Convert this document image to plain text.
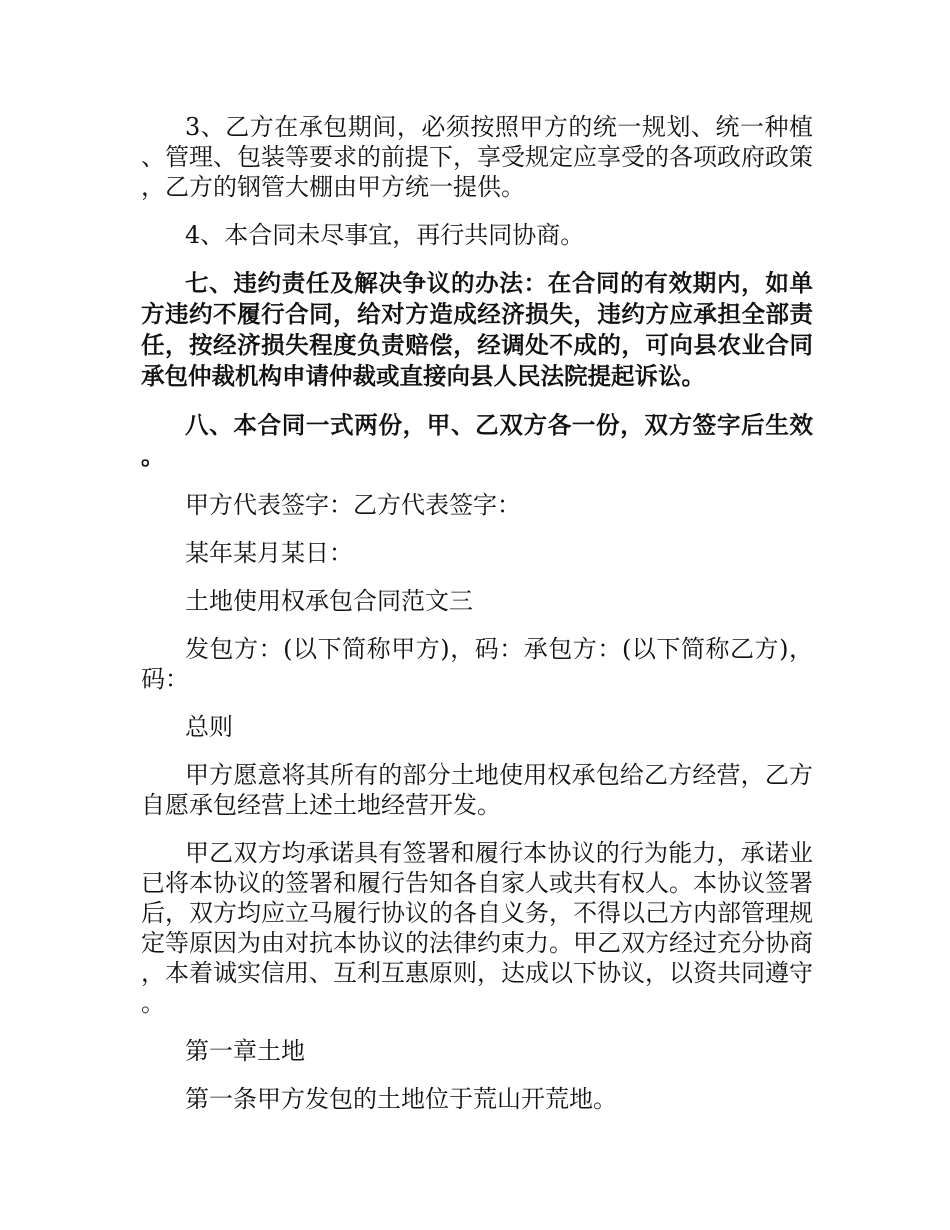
3、乙方在承包期间，必须按照甲方的统一规划、统一种植、管理、包装等要求的前提下，享受规定应享受的各项政府政策，乙方的钢管大棚由甲方统一提供。

4、本合同未尽事宜，再行共同协商。

七、违约责任及解决争议的办法：在合同的有效期内，如单方违约不履行合同，给对方造成经济损失，违约方应承担全部责任，按经济损失程度负责赔偿，经调处不成的，可向县农业合同承包仲裁机构申请仲裁或直接向县人民法院提起诉讼。

八、本合同一式两份，甲、乙双方各一份，双方签字后生效。

甲方代表签字：乙方代表签字：

某年某月某日：

土地使用权承包合同范文三

发包方：(以下简称甲方)，码：承包方：(以下简称乙方)，码：

总则

甲方愿意将其所有的部分土地使用权承包给乙方经营，乙方自愿承包经营上述土地经营开发。

甲乙双方均承诺具有签署和履行本协议的行为能力，承诺业已将本协议的签署和履行告知各自家人或共有权人。本协议签署后，双方均应立马履行协议的各自义务，不得以己方内部管理规定等原因为由对抗本协议的法律约束力。甲乙双方经过充分协商，本着诚实信用、互利互惠原则，达成以下协议，以资共同遵守。

第一章土地

第一条甲方发包的土地位于荒山开荒地。
